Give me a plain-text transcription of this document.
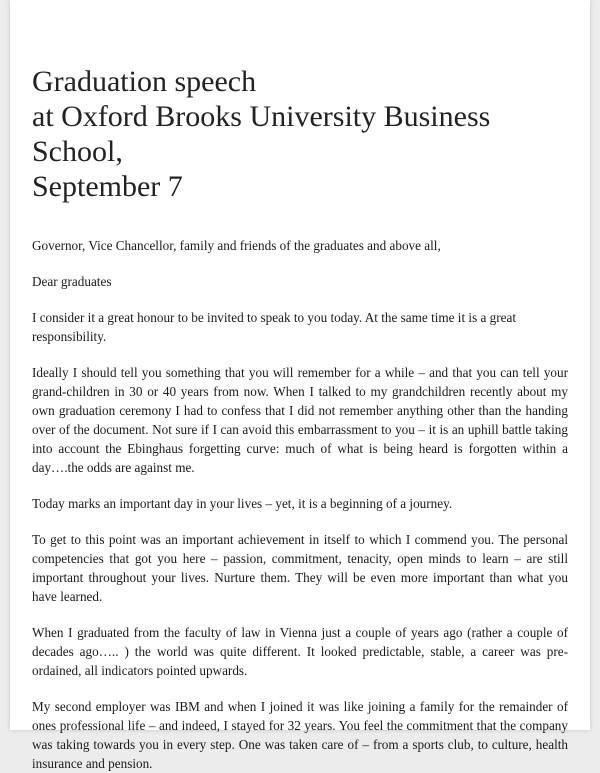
Graduation speech
at Oxford Brooks University Business School,
September 7

Governor, Vice Chancellor, family and friends of the graduates and above all,

Dear graduates

I consider it a great honour to be invited to speak to you today. At the same time it is a great responsibility.

Ideally I should tell you something that you will remember for a while – and that you can tell your grand-children in 30 or 40 years from now. When I talked to my grandchildren recently about my own graduation ceremony I had to confess that I did not remember anything other than the handing over of the document. Not sure if I can avoid this embarrassment to you – it is an uphill battle taking into account the Ebinghaus forgetting curve: much of what is being heard is forgotten within a day….the odds are against me.

Today marks an important day in your lives – yet, it is a beginning of a journey.

To get to this point was an important achievement in itself to which I commend you. The personal competencies that got you here – passion, commitment, tenacity, open minds to learn – are still important throughout your lives. Nurture them. They will be even more important than what you have learned.

When I graduated from the faculty of law in Vienna just a couple of years ago (rather a couple of decades ago….. ) the world was quite different. It looked predictable, stable, a career was pre-ordained, all indicators pointed upwards.

My second employer was IBM and when I joined it was like joining a family for the remainder of ones professional life – and indeed, I stayed for 32 years. You feel the commitment that the company was taking towards you in every step. One was taken care of – from a sports club, to culture, health insurance and pension.
